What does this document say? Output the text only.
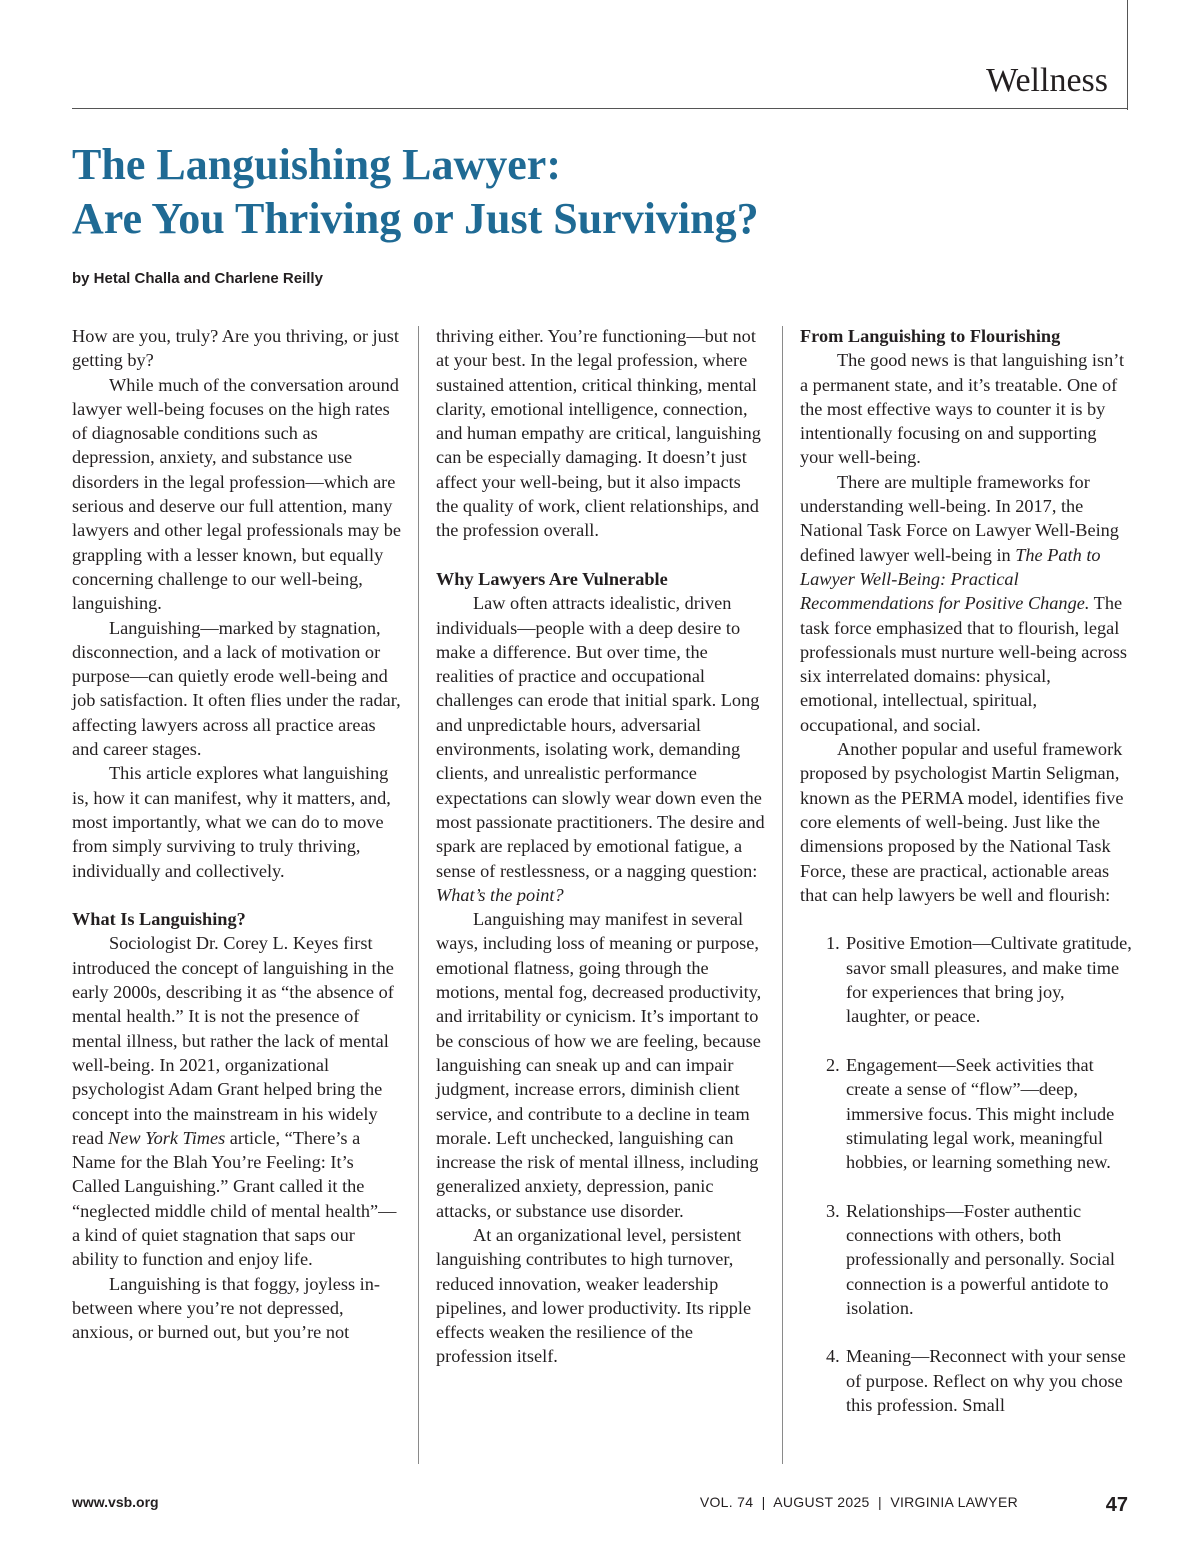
Wellness
The Languishing Lawyer:
Are You Thriving or Just Surviving?
by Hetal Challa and Charlene Reilly

How are you, truly? Are you thriving, or just getting by?

While much of the conversation around lawyer well-being focuses on the high rates of diagnosable conditions such as depression, anxiety, and substance use disorders in the legal profession—which are serious and deserve our full attention, many lawyers and other legal professionals may be grappling with a lesser known, but equally concerning challenge to our well-being, languishing.

Languishing—marked by stagnation, disconnection, and a lack of motivation or purpose—can quietly erode well-being and job satisfaction. It often flies under the radar, affecting lawyers across all practice areas and career stages.

This article explores what languishing is, how it can manifest, why it matters, and, most importantly, what we can do to move from simply surviving to truly thriving, individually and collectively.

What Is Languishing?

Sociologist Dr. Corey L. Keyes first introduced the concept of languishing in the early 2000s, describing it as “the absence of mental health.” It is not the presence of mental illness, but rather the lack of mental well-being. In 2021, organizational psychologist Adam Grant helped bring the concept into the mainstream in his widely read New York Times article, “There’s a Name for the Blah You’re Feeling: It’s Called Languishing.” Grant called it the “neglected middle child of mental health”—a kind of quiet stagnation that saps our ability to function and enjoy life.

Languishing is that foggy, joyless in-between where you’re not depressed, anxious, or burned out, but you’re not

thriving either. You’re functioning—but not at your best. In the legal profession, where sustained attention, critical thinking, mental clarity, emotional intelligence, connection, and human empathy are critical, languishing can be especially damaging. It doesn’t just affect your well-being, but it also impacts the quality of work, client relationships, and the profession overall.

Why Lawyers Are Vulnerable

Law often attracts idealistic, driven individuals—people with a deep desire to make a difference. But over time, the realities of practice and occupational challenges can erode that initial spark. Long and unpredictable hours, adversarial environments, isolating work, demanding clients, and unrealistic performance expectations can slowly wear down even the most passionate practitioners. The desire and spark are replaced by emotional fatigue, a sense of restlessness, or a nagging question: What’s the point?

Languishing may manifest in several ways, including loss of meaning or purpose, emotional flatness, going through the motions, mental fog, decreased productivity, and irritability or cynicism. It’s important to be conscious of how we are feeling, because languishing can sneak up and can impair judgment, increase errors, diminish client service, and contribute to a decline in team morale. Left unchecked, languishing can increase the risk of mental illness, including generalized anxiety, depression, panic attacks, or substance use disorder.

At an organizational level, persistent languishing contributes to high turnover, reduced innovation, weaker leadership pipelines, and lower productivity. Its ripple effects weaken the resilience of the profession itself.

From Languishing to Flourishing

The good news is that languishing isn’t a permanent state, and it’s treatable. One of the most effective ways to counter it is by intentionally focusing on and supporting your well-being.

There are multiple frameworks for understanding well-being. In 2017, the National Task Force on Lawyer Well-Being defined lawyer well-being in The Path to Lawyer Well-Being: Practical Recommendations for Positive Change. The task force emphasized that to flourish, legal professionals must nurture well-being across six interrelated domains: physical, emotional, intellectual, spiritual, occupational, and social.

Another popular and useful framework proposed by psychologist Martin Seligman, known as the PERMA model, identifies five core elements of well-being. Just like the dimensions proposed by the National Task Force, these are practical, actionable areas that can help lawyers be well and flourish:

1. Positive Emotion—Cultivate gratitude, savor small pleasures, and make time for experiences that bring joy, laughter, or peace.
2. Engagement—Seek activities that create a sense of “flow”—deep, immersive focus. This might include stimulating legal work, meaningful hobbies, or learning something new.
3. Relationships—Foster authentic connections with others, both professionally and personally. Social connection is a powerful antidote to isolation.
4. Meaning—Reconnect with your sense of purpose. Reflect on why you chose this profession. Small
www.vsb.org	VOL. 74  |  AUGUST 2025  |  VIRGINIA LAWYER	47
